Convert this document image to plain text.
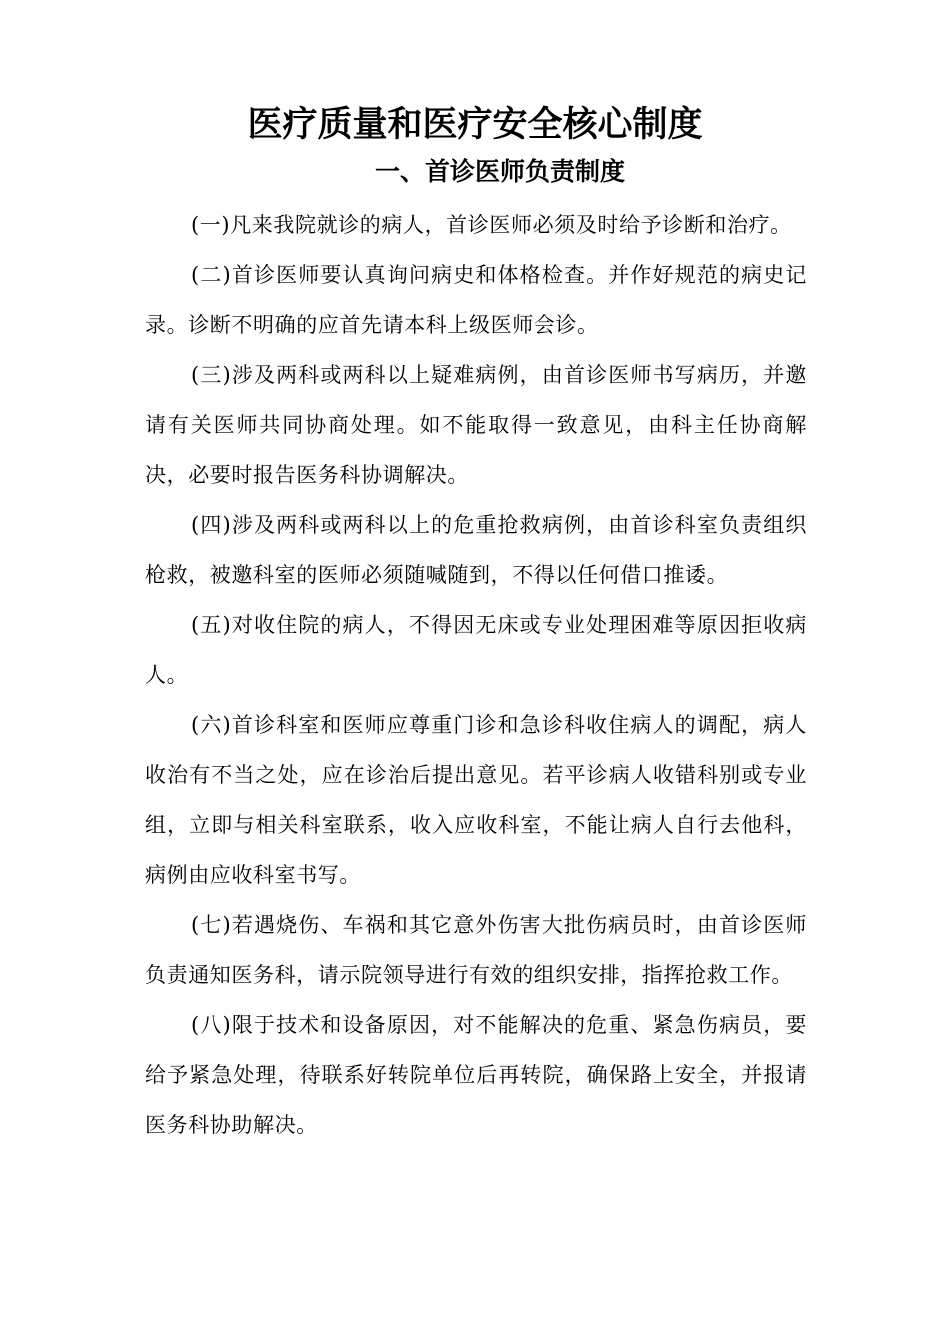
医疗质量和医疗安全核心制度
一、首诊医师负责制度

(一)凡来我院就诊的病人，首诊医师必须及时给予诊断和治疗。

(二)首诊医师要认真询问病史和体格检查。并作好规范的病史记录。诊断不明确的应首先请本科上级医师会诊。

(三)涉及两科或两科以上疑难病例，由首诊医师书写病历，并邀请有关医师共同协商处理。如不能取得一致意见，由科主任协商解决，必要时报告医务科协调解决。

(四)涉及两科或两科以上的危重抢救病例，由首诊科室负责组织枪救，被邀科室的医师必须随喊随到，不得以任何借口推诿。

(五)对收住院的病人，不得因无床或专业处理困难等原因拒收病人。

(六)首诊科室和医师应尊重门诊和急诊科收住病人的调配，病人收治有不当之处，应在诊治后提出意见。若平诊病人收错科别或专业组，立即与相关科室联系，收入应收科室，不能让病人自行去他科，病例由应收科室书写。

(七)若遇烧伤、车祸和其它意外伤害大批伤病员时，由首诊医师负责通知医务科，请示院领导进行有效的组织安排，指挥抢救工作。

(八)限于技术和设备原因，对不能解决的危重、紧急伤病员，要给予紧急处理，待联系好转院单位后再转院，确保路上安全，并报请医务科协助解决。
